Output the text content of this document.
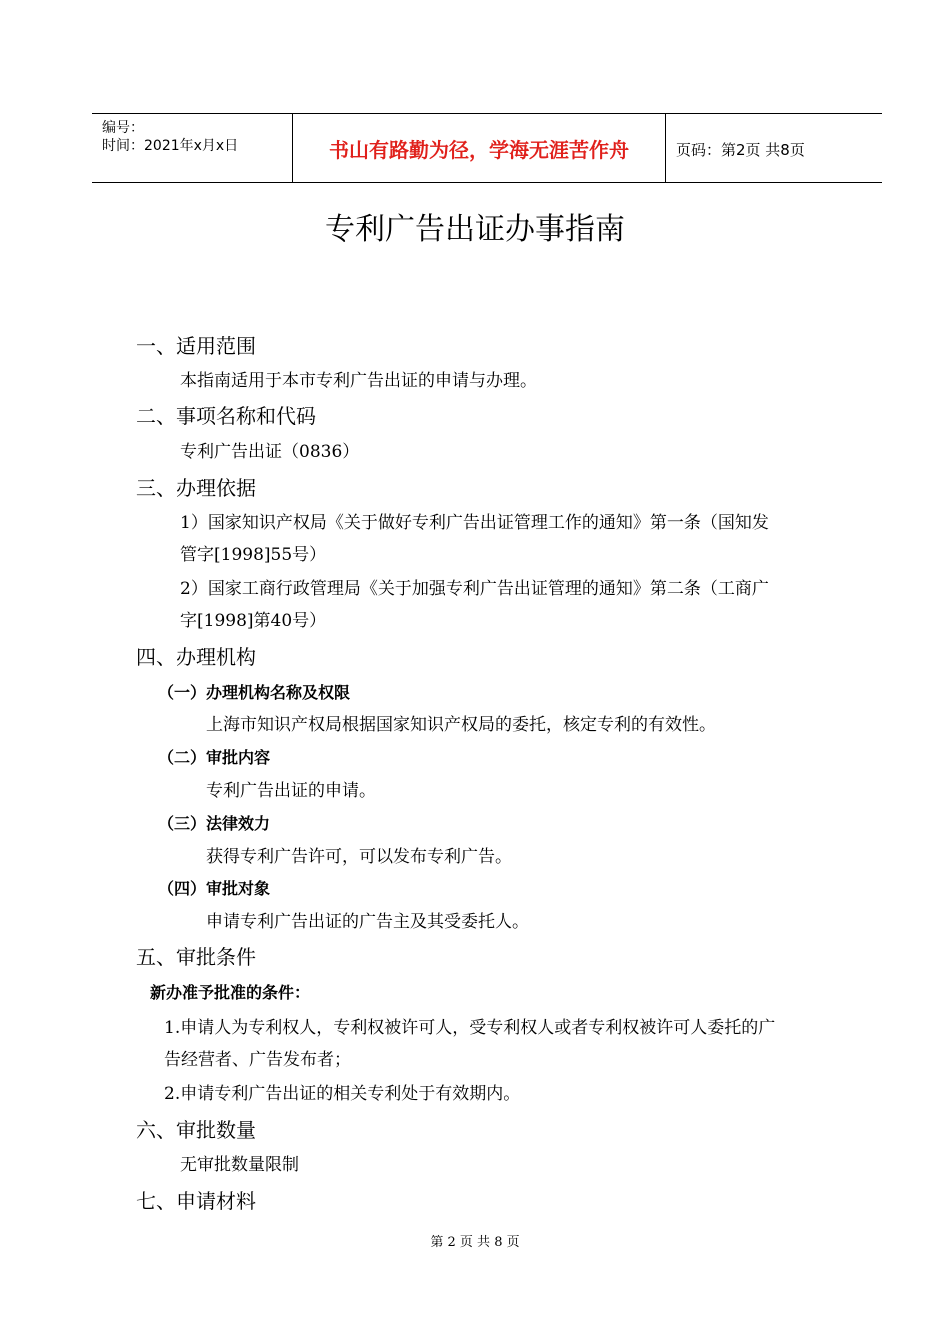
编号：
时间：2021年x月x日	书山有路勤为径，学海无涯苦作舟	页码：第2页 共8页
专利广告出证办事指南
一、适用范围
本指南适用于本市专利广告出证的申请与办理。
二、事项名称和代码
专利广告出证（0836）
三、办理依据
1）国家知识产权局《关于做好专利广告出证管理工作的通知》第一条（国知发
管字[1998]55号）
2）国家工商行政管理局《关于加强专利广告出证管理的通知》第二条（工商广
字[1998]第40号）
四、办理机构
（一）办理机构名称及权限
上海市知识产权局根据国家知识产权局的委托，核定专利的有效性。
（二）审批内容
专利广告出证的申请。
（三）法律效力
获得专利广告许可，可以发布专利广告。
（四）审批对象
申请专利广告出证的广告主及其受委托人。
五、审批条件
新办准予批准的条件：
1.申请人为专利权人，专利权被许可人，受专利权人或者专利权被许可人委托的广
告经营者、广告发布者；
2.申请专利广告出证的相关专利处于有效期内。
六、审批数量
无审批数量限制
七、申请材料
第 2 页 共 8 页
